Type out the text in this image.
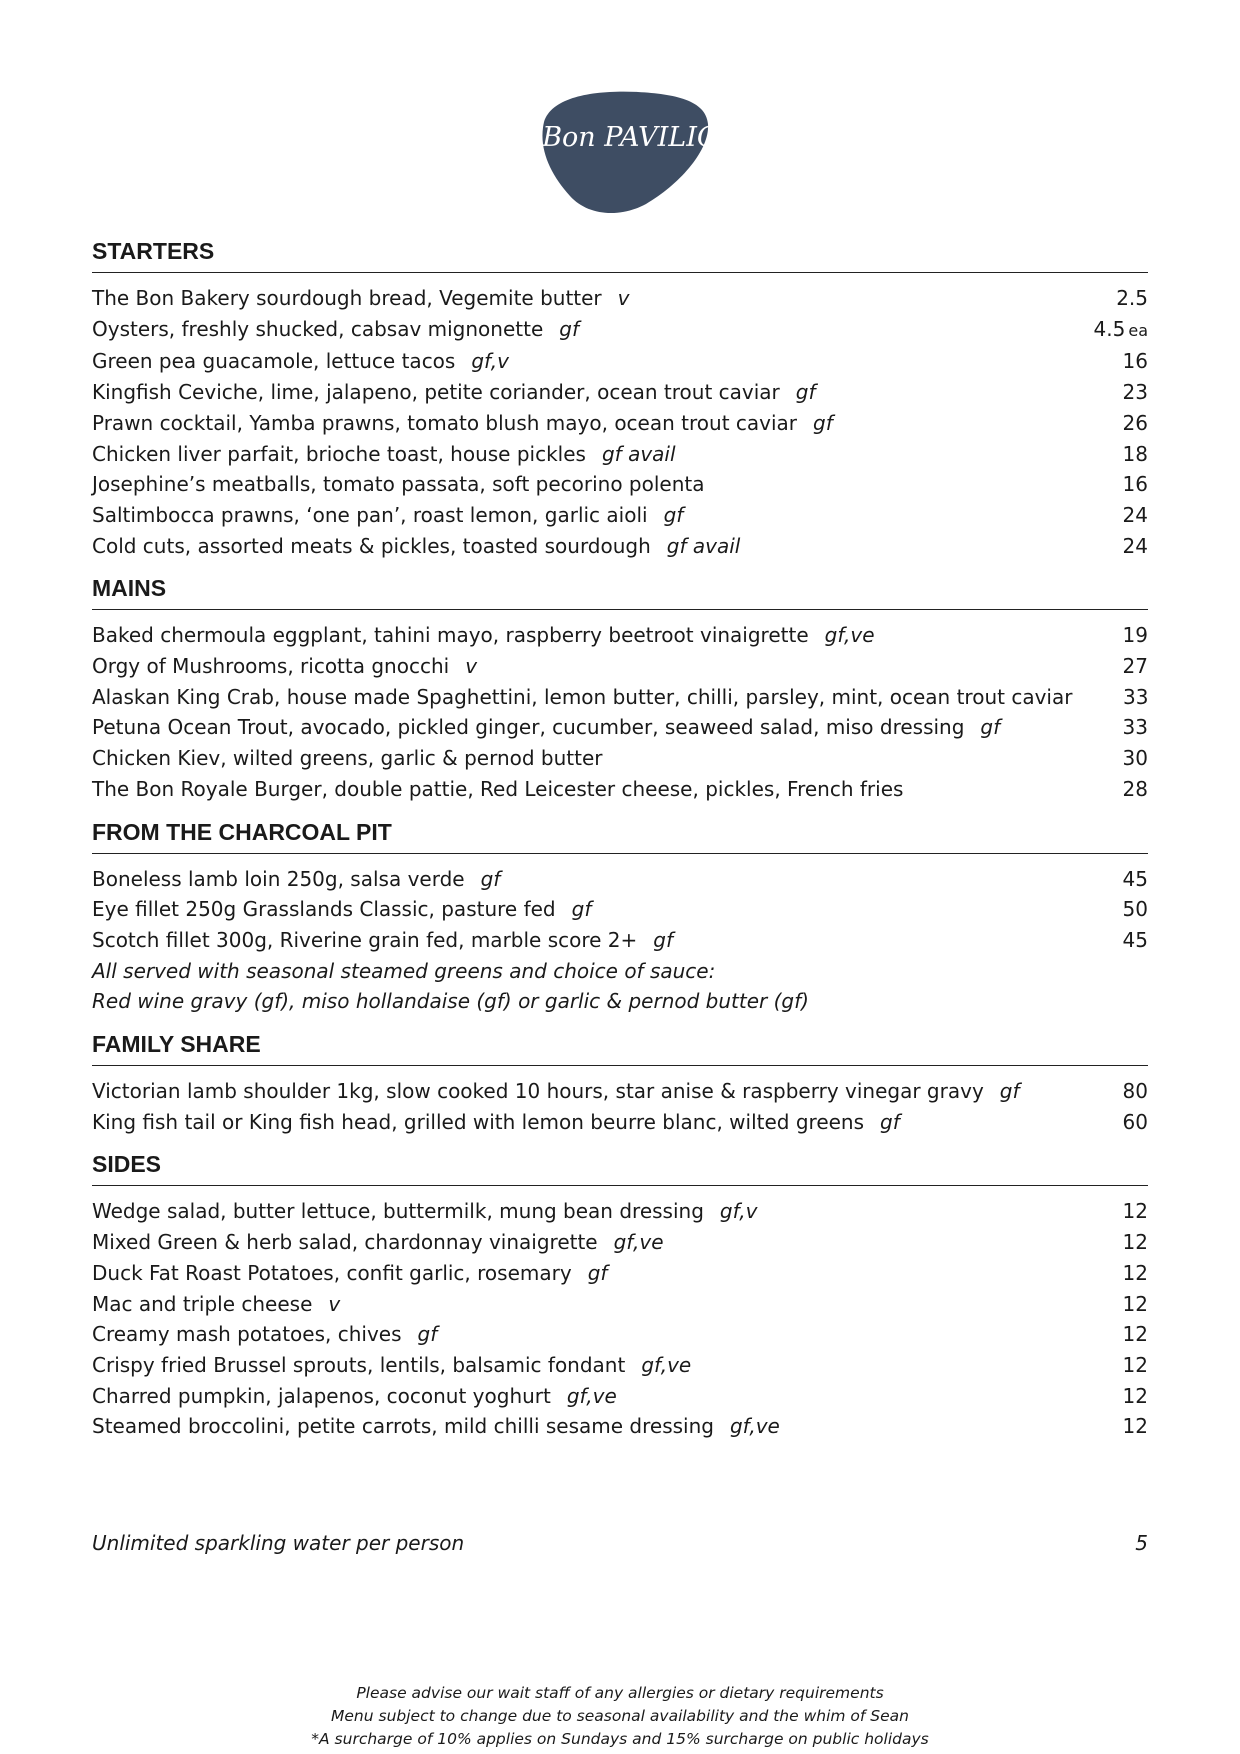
the Bon PAVILION
STARTERS
The Bon Bakery sourdough bread, Vegemite butter v	2.5
Oysters, freshly shucked, cabsav mignonette gf	4.5 ea
Green pea guacamole, lettuce tacos gf,v	16
Kingfish Ceviche, lime, jalapeno, petite coriander, ocean trout caviar gf	23
Prawn cocktail, Yamba prawns, tomato blush mayo, ocean trout caviar gf	26
Chicken liver parfait, brioche toast, house pickles gf avail	18
Josephine’s meatballs, tomato passata, soft pecorino polenta	16
Saltimbocca prawns, ‘one pan’, roast lemon, garlic aioli gf	24
Cold cuts, assorted meats & pickles, toasted sourdough gf avail	24
MAINS
Baked chermoula eggplant, tahini mayo, raspberry beetroot vinaigrette gf,ve	19
Orgy of Mushrooms, ricotta gnocchi v	27
Alaskan King Crab, house made Spaghettini, lemon butter, chilli, parsley, mint, ocean trout caviar	33
Petuna Ocean Trout, avocado, pickled ginger, cucumber, seaweed salad, miso dressing gf	33
Chicken Kiev, wilted greens, garlic & pernod butter	30
The Bon Royale Burger, double pattie, Red Leicester cheese, pickles, French fries	28
FROM THE CHARCOAL PIT
Boneless lamb loin 250g, salsa verde gf	45
Eye fillet 250g Grasslands Classic, pasture fed gf	50
Scotch fillet 300g, Riverine grain fed, marble score 2+ gf	45
All served with seasonal steamed greens and choice of sauce:
Red wine gravy (gf), miso hollandaise (gf) or garlic & pernod butter (gf)
FAMILY SHARE
Victorian lamb shoulder 1kg, slow cooked 10 hours, star anise & raspberry vinegar gravy gf	80
King fish tail or King fish head, grilled with lemon beurre blanc, wilted greens gf	60
SIDES
Wedge salad, butter lettuce, buttermilk, mung bean dressing gf,v	12
Mixed Green & herb salad, chardonnay vinaigrette gf,ve	12
Duck Fat Roast Potatoes, confit garlic, rosemary gf	12
Mac and triple cheese v	12
Creamy mash potatoes, chives gf	12
Crispy fried Brussel sprouts, lentils, balsamic fondant gf,ve	12
Charred pumpkin, jalapenos, coconut yoghurt gf,ve	12
Steamed broccolini, petite carrots, mild chilli sesame dressing gf,ve	12
Unlimited sparkling water per person	5
Please advise our wait staff of any allergies or dietary requirements
Menu subject to change due to seasonal availability and the whim of Sean
*A surcharge of 10% applies on Sundays and 15% surcharge on public holidays
